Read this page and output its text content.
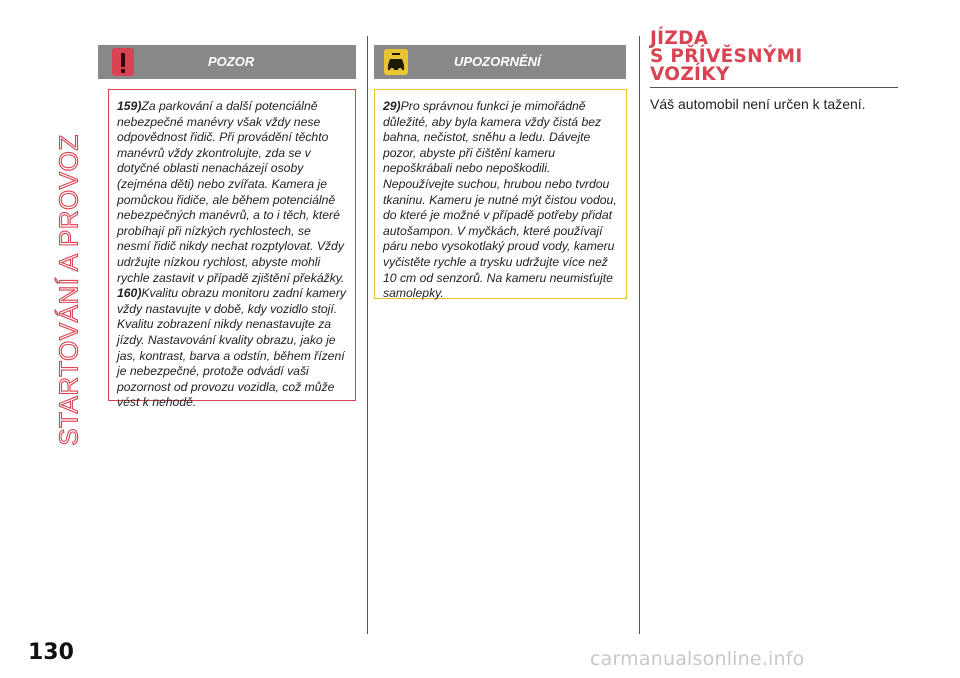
STARTOVÁNÍ A PROVOZ
POZOR

159)Za parkování a další potenciálně nebezpečné manévry však vždy nese odpovědnost řidič. Při provádění těchto manévrů vždy zkontrolujte, zda se v dotyčné oblasti nenacházejí osoby (zejména děti) nebo zvířata. Kamera je pomůckou řidiče, ale během potenciálně nebezpečných manévrů, a to i těch, které probíhají při nízkých rychlostech, se nesmí řidič nikdy nechat rozptylovat. Vždy udržujte nízkou rychlost, abyste mohli rychle zastavit v případě zjištění překážky.

160)Kvalitu obrazu monitoru zadní kamery vždy nastavujte v době, kdy vozidlo stojí. Kvalitu zobrazení nikdy nenastavujte za jízdy. Nastavování kvality obrazu, jako je jas, kontrast, barva a odstín, během řízení je nebezpečné, protože odvádí vaši pozornost od provozu vozidla, což může vést k nehodě.

UPOZORNĚNÍ

29)Pro správnou funkci je mimořádně důležité, aby byla kamera vždy čistá bez bahna, nečistot, sněhu a ledu. Dávejte pozor, abyste při čištění kameru nepoškrábali nebo nepoškodili. Nepoužívejte suchou, hrubou nebo tvrdou tkaninu. Kameru je nutné mýt čistou vodou, do které je možné v případě potřeby přidat autošampon. V myčkách, které používají páru nebo vysokotlaký proud vody, kameru vyčistěte rychle a trysku udržujte více než 10 cm od senzorů. Na kameru neumisťujte samolepky.

JÍZDA
S PŘÍVĚSNÝMI
VOZÍKY
Váš automobil není určen k tažení.
130	carmanualsonline.info
